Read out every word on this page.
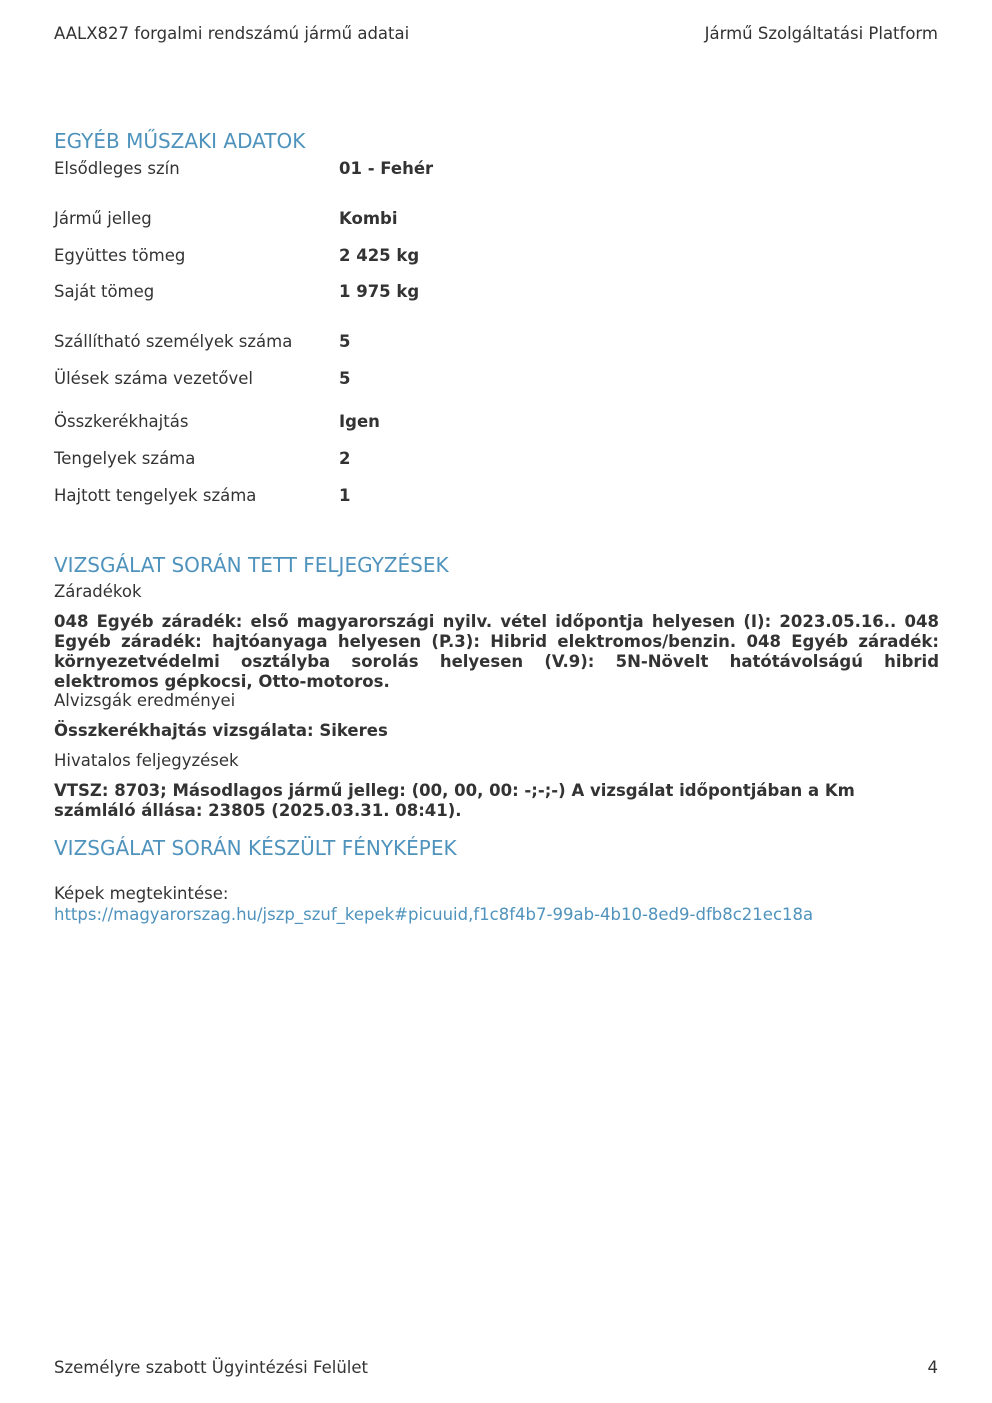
AALX827 forgalmi rendszámú jármű adatai	Jármű Szolgáltatási Platform
EGYÉB MŰSZAKI ADATOK
Elsődleges szín	01 - Fehér
Jármű jelleg	Kombi
Együttes tömeg	2 425 kg
Saját tömeg	1 975 kg
Szállítható személyek száma	5
Ülések száma vezetővel	5
Összkerékhajtás	Igen
Tengelyek száma	2
Hajtott tengelyek száma	1
VIZSGÁLAT SORÁN TETT FELJEGYZÉSEK
Záradékok
048 Egyéb záradék: első magyarországi nyilv. vétel időpontja helyesen (I): 2023.05.16.. 048 Egyéb záradék: hajtóanyaga helyesen (P.3): Hibrid elektromos/benzin. 048 Egyéb záradék: környezetvédelmi osztályba sorolás helyesen (V.9): 5N-Növelt hatótávolságú hibrid elektromos gépkocsi, Otto-motoros.
Alvizsgák eredményei
Összkerékhajtás vizsgálata: Sikeres
Hivatalos feljegyzések
VTSZ: 8703; Másodlagos jármű jelleg: (00, 00, 00: -;-;-) A vizsgálat időpontjában a Km számláló állása: 23805 (2025.03.31. 08:41).
VIZSGÁLAT SORÁN KÉSZÜLT FÉNYKÉPEK
Képek megtekintése:
https://magyarorszag.hu/jszp_szuf_kepek#picuuid,f1c8f4b7-99ab-4b10-8ed9-dfb8c21ec18a
Személyre szabott Ügyintézési Felület	4
